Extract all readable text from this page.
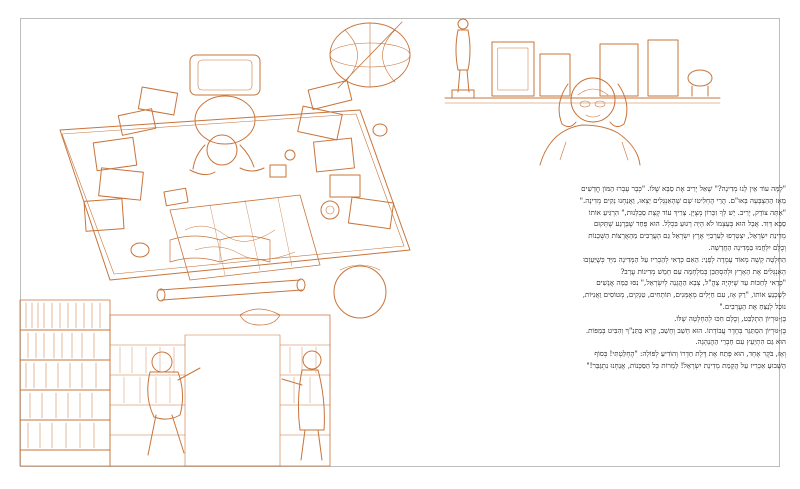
"לָמָּה עוֹד אֵין לָנוּ מְדִינָה?" שָׁאַל יָרִיב אֶת סַבָּא שֶׁלּוֹ. "כְּבָר עָבְרוּ הַמּוֹן חֳדָשִׁים

מֵאָז הַהַצְבָּעָה בָּאוּ"ם. הֲרֵי הֶחְלִיטוּ שָׁם שֶׁהָאַנְגְּלִים יֵצְאוּ, וַאֲנַחְנוּ נָקִים מְדִינָה."

"אַתָּה צוֹדֵק, יָרִיב. יֵשׁ לְךָ זִכָּרוֹן מְצֻיָּן. צָרִיךְ עוֹד קְצָת סַבְלָנוּת," הִרְגִּיעַ אוֹתוֹ

סַבָּא דָּוִד. אֲבָל הוּא בְּעַצְמוֹ לֹא הָיָה רָגוּעַ בִּכְלָל. הוּא פָּחַד שֶׁבָּרֶגַע שֶׁתָּקוּם

מְדִינַת יִשְׂרָאֵל, יִצְטָרְפוּ לְעַרְבִיֵי אֶרֶץ יִשְׂרָאֵל גַּם הָעֲרָבִים מֵהָאֲרָצוֹת הַשְּׁכֵנוֹת

וְכֻלָּם יִלָּחֲמוּ בַּמְּדִינָה הַחֲדָשָׁה.

הַחְלָטָה קָשָׁה מְאוֹד עָמְדָה לְפָנַי: הַאִם כְּדַאי לְהַכְרִיז עַל הַמְּדִינָה מִיָּד כְּשֶׁיַּעַזְבוּ

הָאַנְגְּלִים אֶת הָאָרֶץ וּלְהִסְתַּכֵּן בְּמִלְחָמָה עִם חָמֵשׁ מְדִינוֹת עֲרָב?

"כְּדַאי לְחַכּוֹת עַד שֶׁיִּהְיֶה צָהֳ"ל, צְבָא הַהֲגָנָה לְיִשְׂרָאֵל," נִסּוּ כַּמָּה אֲנָשִׁים

לְשַׁכְנֵעַ אוֹתוֹ, "רַק אָז, עִם חַיָּלִים מְאֻמָּנִים, תּוֹתָחִים, טַנְקִים, מְטוֹסִים וַאֲנִיּוֹת,

נוּכַל לְנַצֵּחַ אֶת הָעֲרָבִים."

בֶּן-גּוּרְיוֹן הִתְלַבֵּט, וְכֻלָּם חִכּוּ לְהַחְלָטָה שֶׁלּוֹ.

בֶּן-גּוּרְיוֹן הִסְתַּגֵּר בְּחֶדֶר עֲבוֹדָתוֹ. הוּא חָשַׁב וְחָשַׁב, קָרָא בַּתַּנַ"ךְ וְהִבִּיט בְּמַפּוֹת.

הוּא גַּם הִתְיָעֵץ עִם חַבְרֵי הַהֲנָהָגָה.

וְאָז, בֹּקֶר אֶחָד, הוּא פָּתַח אֶת דֶּלֶת חַדְרוֹ וְהוֹדִיעַ לְפּוֹלָה: "הֶחְלַטְתִּי! בְּסוֹף

הַשָּׁבוּעַ אַכְרִיז עַל הֲקָמַת מְדִינַת יִשְׂרָאֵל! לַמְרוֹת כָּל הַסַּכָּנוֹת, אֲנַחְנוּ נִתְגַּבֵּר!"
